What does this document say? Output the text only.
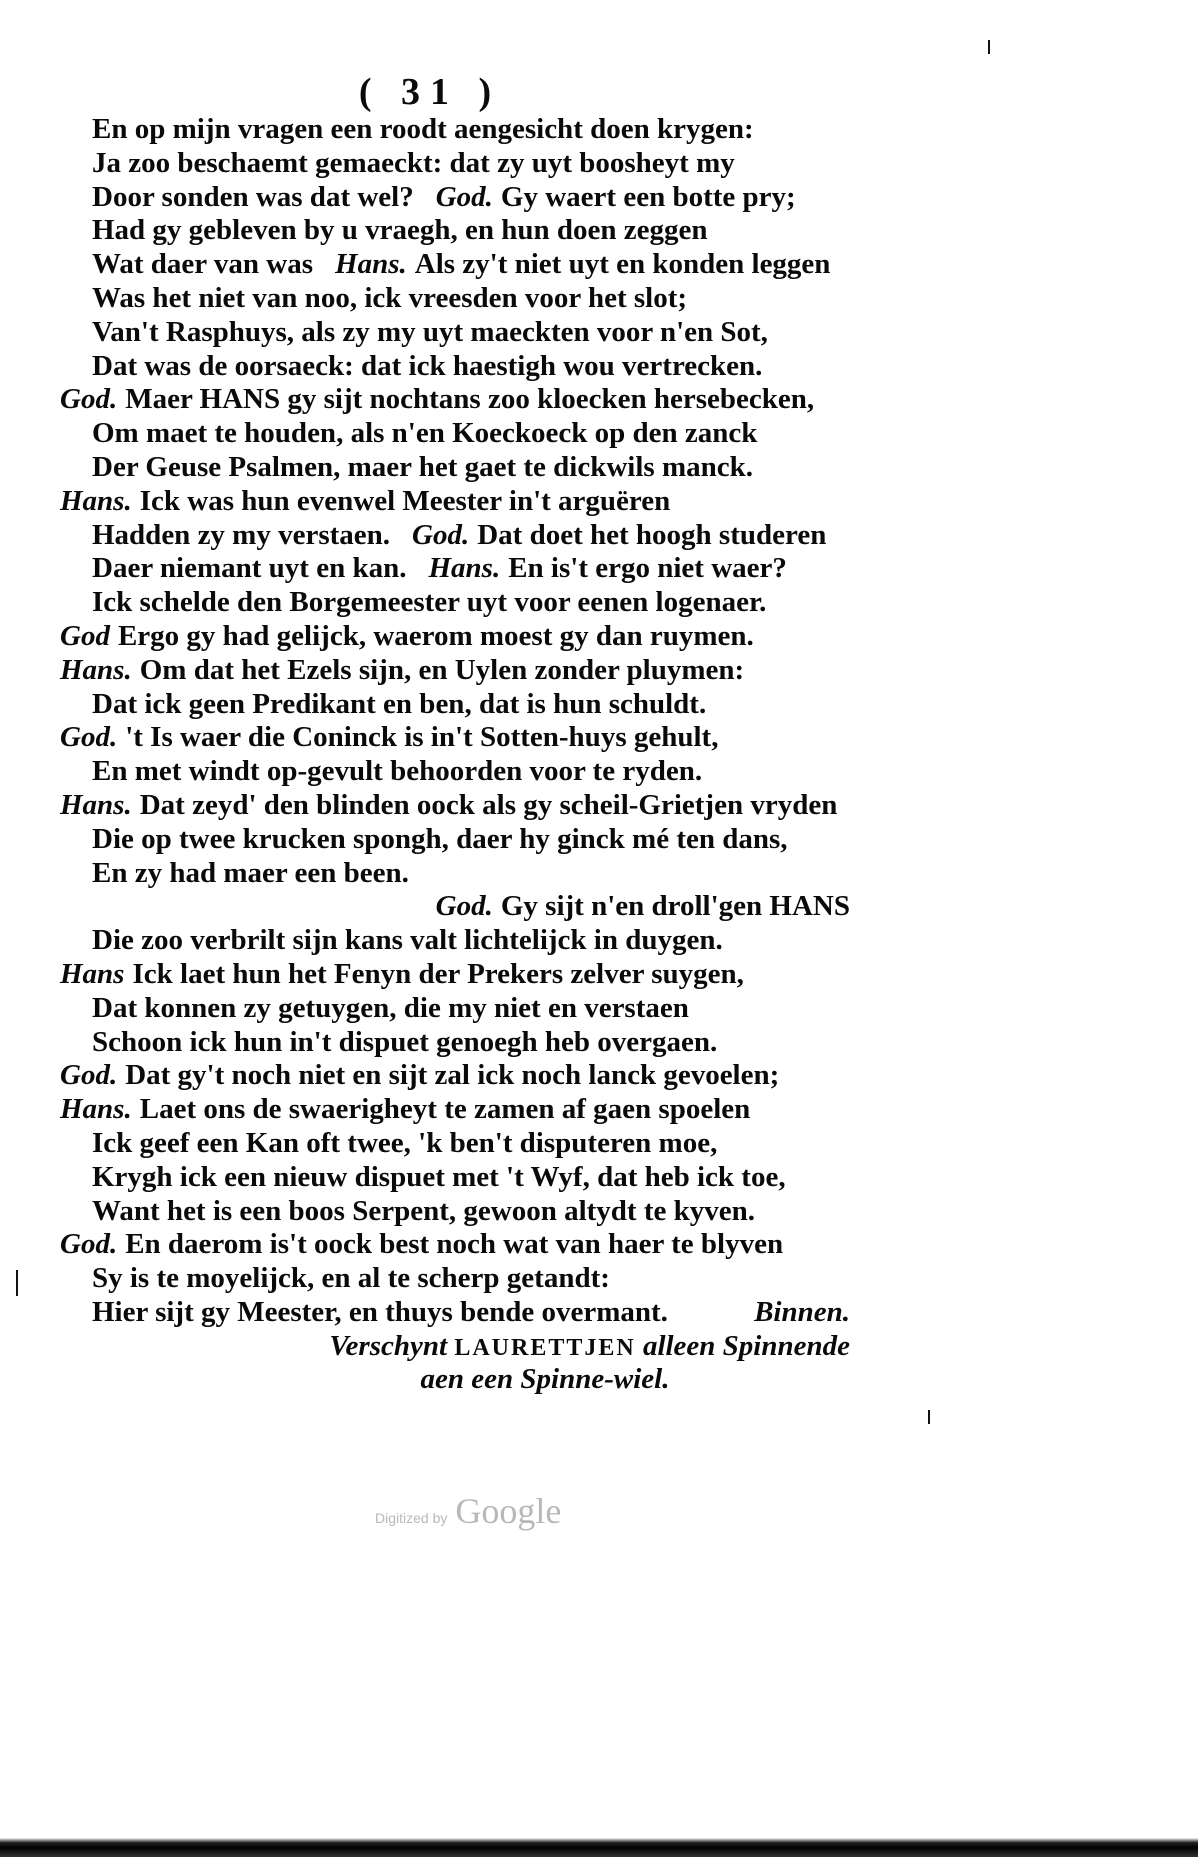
( 31 )
En op mijn vragen een roodt aengesicht doen krygen:
Ja zoo beschaemt gemaeckt: dat zy uyt boosheyt my
Door sonden was dat wel? God. Gy waert een botte pry;
Had gy gebleven by u vraegh, en hun doen zeggen
Wat daer van was Hans. Als zy't niet uyt en konden leggen
Was het niet van noo, ick vreesden voor het slot;
Van't Rasphuys, als zy my uyt maeckten voor n'en Sot,
Dat was de oorsaeck: dat ick haestigh wou vertrecken.
God. Maer HANS gy sijt nochtans zoo kloecken hersebecken,
Om maet te houden, als n'en Koeckoeck op den zanck
Der Geuse Psalmen, maer het gaet te dickwils manck.
Hans. Ick was hun evenwel Meester in't arguëren
Hadden zy my verstaen. God. Dat doet het hoogh studeren
Daer niemant uyt en kan. Hans. En is't ergo niet waer?
Ick schelde den Borgemeester uyt voor eenen logenaer.
God Ergo gy had gelijck, waerom moest gy dan ruymen.
Hans. Om dat het Ezels sijn, en Uylen zonder pluymen:
Dat ick geen Predikant en ben, dat is hun schuldt.
God. 't Is waer die Coninck is in't Sotten-huys gehult,
En met windt op-gevult behoorden voor te ryden.
Hans. Dat zeyd' den blinden oock als gy scheil-Grietjen vryden
Die op twee krucken spongh, daer hy ginck mé ten dans,
En zy had maer een been.
God. Gy sijt n'en droll'gen HANS
Die zoo verbrilt sijn kans valt lichtelijck in duygen.
Hans Ick laet hun het Fenyn der Prekers zelver suygen,
Dat konnen zy getuygen, die my niet en verstaen
Schoon ick hun in't dispuet genoegh heb overgaen.
God. Dat gy't noch niet en sijt zal ick noch lanck gevoelen;
Hans. Laet ons de swaerigheyt te zamen af gaen spoelen
Ick geef een Kan oft twee, 'k ben't disputeren moe,
Krygh ick een nieuw dispuet met 't Wyf, dat heb ick toe,
Want het is een boos Serpent, gewoon altydt te kyven.
God. En daerom is't oock best noch wat van haer te blyven
Sy is te moyelijck, en al te scherp getandt:
Hier sijt gy Meester, en thuys bende overmant.	Binnen.
Verschynt LAURETTJEN alleen Spinnende
aen een Spinne-wiel.
Digitized by Google
